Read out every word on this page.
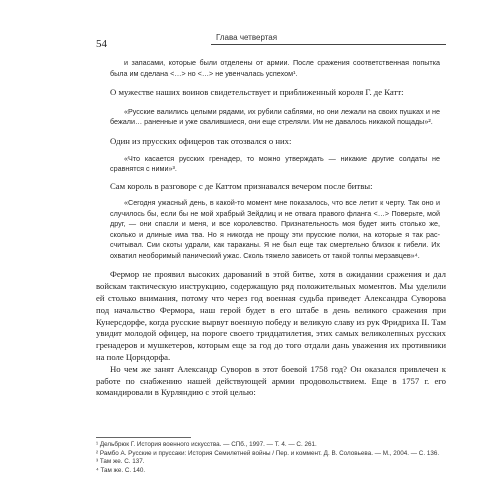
54
Глава четвертая

и запасами, которые были отделены от армии. После сражения соответственная попытка была им сделана <…> но <…> не увенчалась успехом¹.

О мужестве наших воинов свидетельствует и приближенный короля Г. де Катт:

«Русские валились целыми рядами, их рубили саблями, но они лежали на своих пушках и не бежали… раненные и уже свалившиеся, они еще стреляли. Им не давалось никакой пощады»².

Один из прусских офицеров так отозвался о них:

«Что касается русских гренадер, то можно утверждать — никакие другие солдаты не сравнятся с ними»³.

Сам король в разговоре с де Каттом признавался вечером после битвы:

«Сегодня ужасный день, в какой-то момент мне показалось, что все летит к черту. Так оно и случилось бы, если бы не мой храбрый Зейдлиц и не отвага правого фланга <…> Поверьте, мой друг, — они спасли и меня, и все королевство. Признательность моя будет жить столько же, сколько и длиные има тва. Но я никогда не прощу эти прусские полки, на которые я так рассчитывал. Сии скоты удрали, как тараканы. Я не был еще так смертельно близок к гибели. Их охватил необоримый панический ужас. Сколь тяжело зависеть от такой толпы мерзавцев»⁴.

Фермор не проявил высоких дарований в этой битве, хотя в ожидании сражения и дал войскам тактическую инструкцию, содержащую ряд положительных моментов. Мы уделили ей столько внимания, потому что через год военная судьба приведет Александра Суворова под начальство Фермора, наш герой будет в его штабе в день великого сражения при Кунерсдорфе, когда русские вырвут военную победу и великую славу из рук Фридриха II. Там увидит молодой офицер, на пороге своего тридцатилетия, этих самых великолепных русских гренадеров и мушкетеров, которым еще за год до того отдали дань уважения их противники на поле Цорндорфа.

Но чем же занят Александр Суворов в этот боевой 1758 год? Он оказался привлечен к работе по снабжению нашей действующей армии продовольствием. Еще в 1757 г. его командировали в Курляндию с этой целью:

¹ Дельбрюк Г. История военного искусства. — СПб., 1997. — Т. 4. — С. 261.

² Рамбо А. Русские и пруссаки: История Семилетней войны / Пер. и коммент. Д. В. Соловьева. — М., 2004. — С. 136.

³ Там же. С. 137.

⁴ Там же. С. 140.
